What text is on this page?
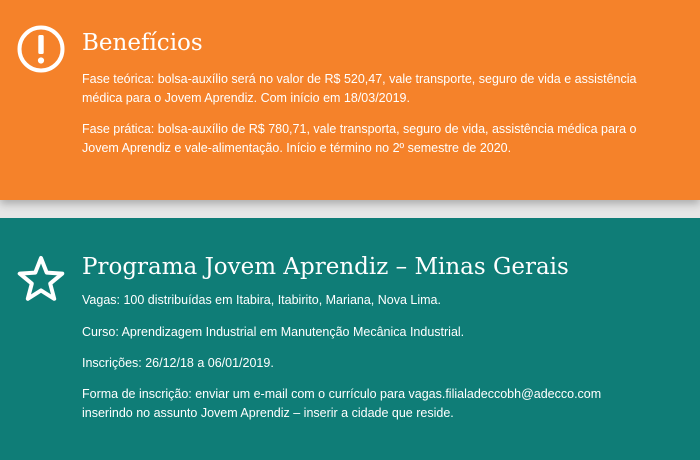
Benefícios

Fase teórica: bolsa-auxílio será no valor de R$ 520,47, vale transporte, seguro de vida e assistência médica para o Jovem Aprendiz. Com início em 18/03/2019.

Fase prática: bolsa-auxílio de R$ 780,71, vale transporta, seguro de vida, assistência médica para o Jovem Aprendiz e vale-alimentação. Início e término no 2º semestre de 2020.

Programa Jovem Aprendiz – Minas Gerais

Vagas: 100 distribuídas em Itabira, Itabirito, Mariana, Nova Lima.

Curso: Aprendizagem Industrial em Manutenção Mecânica Industrial.

Inscrições: 26/12/18 a 06/01/2019.

Forma de inscrição: enviar um e-mail com o currículo para vagas.filialadeccobh@adecco.com inserindo no assunto Jovem Aprendiz – inserir a cidade que reside.
